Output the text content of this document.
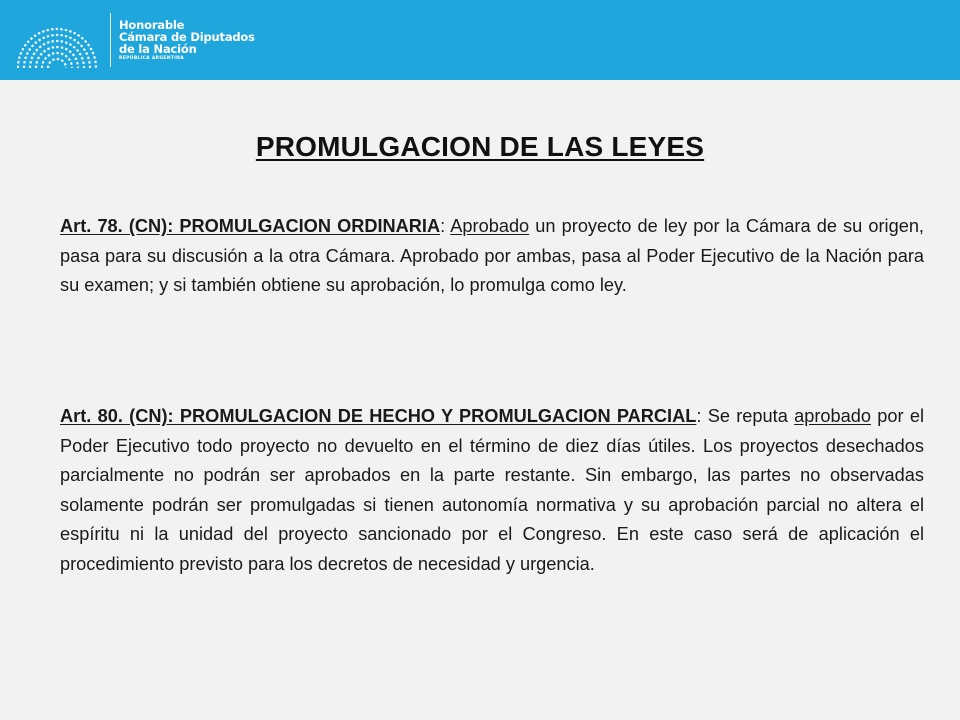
Honorable
Cámara de Diputados
de la Nación
REPÚBLICA ARGENTINA
PROMULGACION DE LAS LEYES

Art. 78. (CN): PROMULGACION ORDINARIA: Aprobado un proyecto de ley por la Cámara de su origen, pasa para su discusión a la otra Cámara. Aprobado por ambas, pasa al Poder Ejecutivo de la Nación para su examen; y si también obtiene su aprobación, lo promulga como ley.

Art. 80. (CN): PROMULGACION DE HECHO Y PROMULGACION PARCIAL: Se reputa aprobado por el Poder Ejecutivo todo proyecto no devuelto en el término de diez días útiles. Los proyectos desechados parcialmente no podrán ser aprobados en la parte restante. Sin embargo, las partes no observadas solamente podrán ser promulgadas si tienen autonomía normativa y su aprobación parcial no altera el espíritu ni la unidad del proyecto sancionado por el Congreso. En este caso será de aplicación el procedimiento previsto para los decretos de necesidad y urgencia.
